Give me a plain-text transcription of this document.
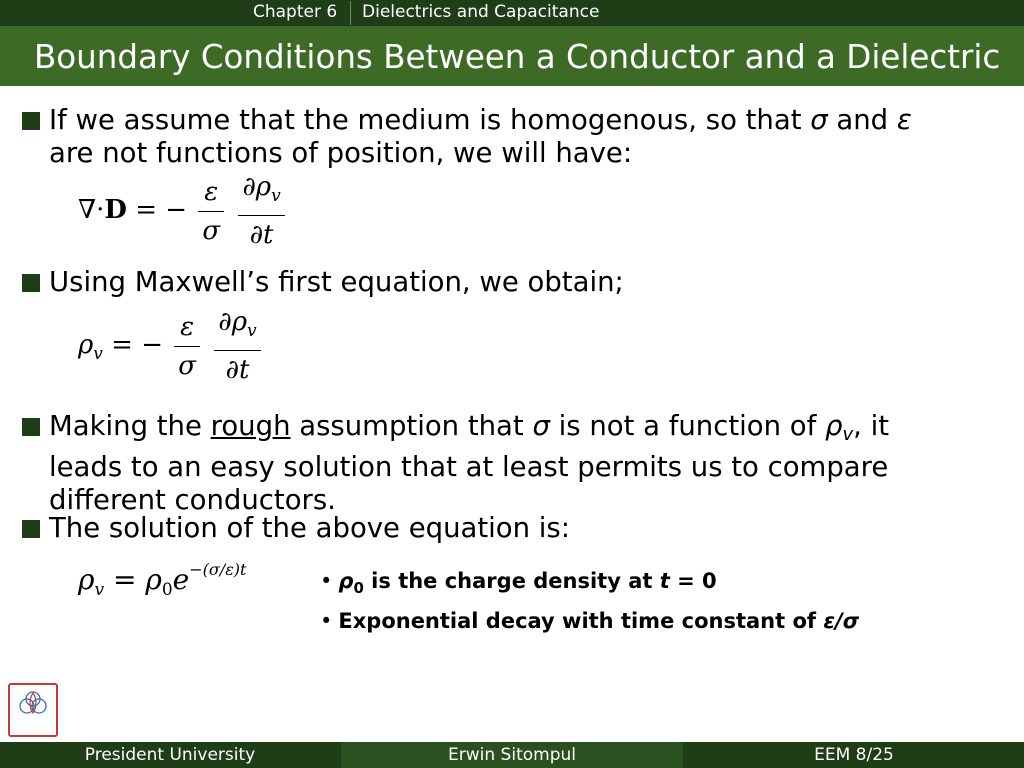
Chapter 6 Dielectrics and Capacitance
Boundary Conditions Between a Conductor and a Dielectric
If we assume that the medium is homogenous, so that σ and ε
are not functions of position, we will have:
∇·D = − $\frac{\varepsilon}{\sigma}$
$\frac{\partial\rho_v}{\partial t}$
Using Maxwell’s first equation, we obtain;
$\rho_v$ = − $\frac{\varepsilon}{\sigma}$
$\frac{\partial\rho_v}{\partial t}$
Making the rough assumption that σ is not a function of ρv, it
leads to an easy solution that at least permits us to compare
different conductors.
The solution of the above equation is:
$\rho_v = \rho_0e^{-(\sigma/\varepsilon)t}$	• $\rho_0$ is the charge density at t = 0
• Exponential decay with time constant of ε/σ
President University	Erwin Sitompul	EEM 8/25
